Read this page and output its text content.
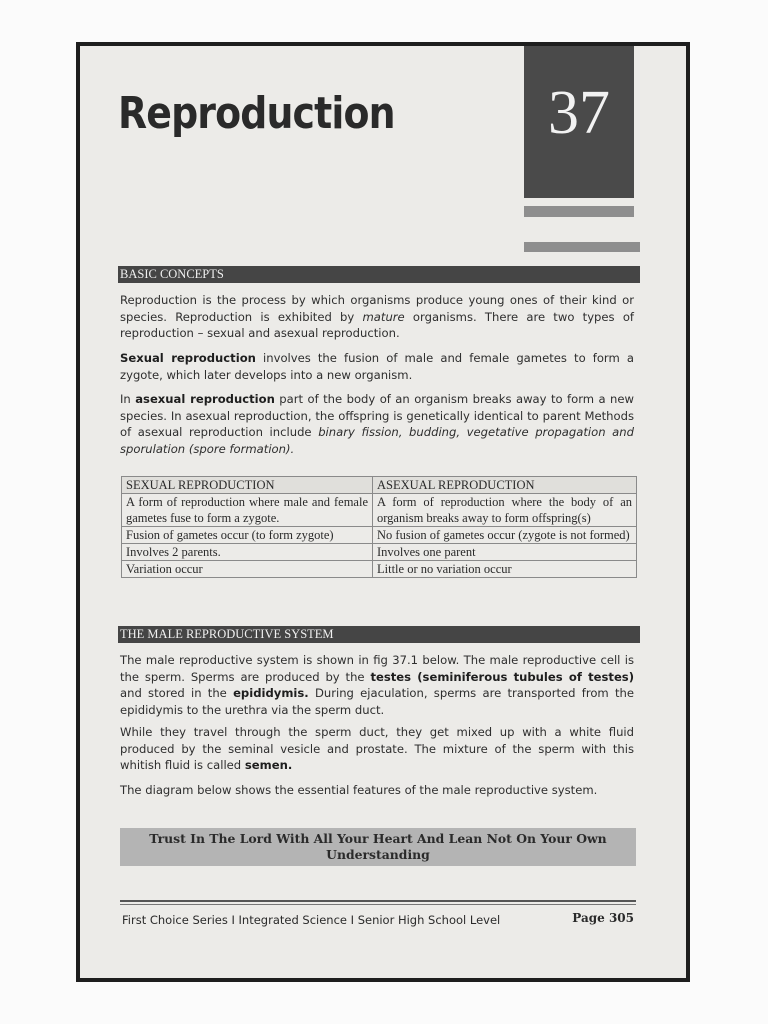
Reproduction	37
BASIC CONCEPTS
Reproduction is the process by which organisms produce young ones of their kind or species. Reproduction is exhibited by mature organisms. There are two types of reproduction – sexual and asexual reproduction.
Sexual reproduction involves the fusion of male and female gametes to form a zygote, which later develops into a new organism.
In asexual reproduction part of the body of an organism breaks away to form a new species. In asexual reproduction, the offspring is genetically identical to parent Methods of asexual reproduction include binary fission, budding, vegetative propagation and sporulation (spore formation).
SEXUAL REPRODUCTION	ASEXUAL REPRODUCTION
A form of reproduction where male and female gametes fuse to form a zygote.	A form of reproduction where the body of an organism breaks away to form offspring(s)
Fusion of gametes occur (to form zygote)	No fusion of gametes occur (zygote is not formed)
Involves 2 parents.	Involves one parent
Variation occur	Little or no variation occur
THE MALE REPRODUCTIVE SYSTEM
The male reproductive system is shown in fig 37.1 below. The male reproductive cell is the sperm. Sperms are produced by the testes (seminiferous tubules of testes) and stored in the epididymis. During ejaculation, sperms are transported from the epididymis to the urethra via the sperm duct.
While they travel through the sperm duct, they get mixed up with a white fluid produced by the seminal vesicle and prostate. The mixture of the sperm with this whitish fluid is called semen.
The diagram below shows the essential features of the male reproductive system.
Trust In The Lord With All Your Heart And Lean Not On Your Own
Understanding
First Choice Series I Integrated Science I Senior High School Level	Page 305
